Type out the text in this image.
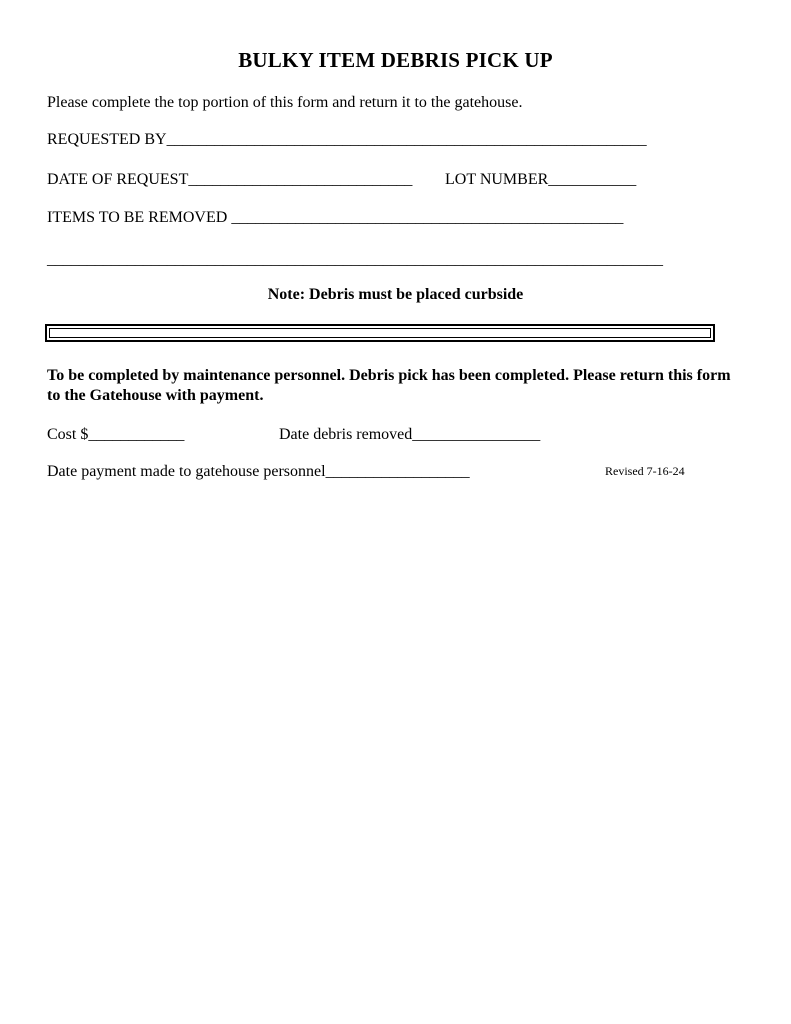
BULKY ITEM DEBRIS PICK UP
Please complete the top portion of this form and return it to the gatehouse.
REQUESTED BY____________________________________________________________
DATE OF REQUEST____________________________ LOT NUMBER___________
ITEMS TO BE REMOVED _________________________________________________
_____________________________________________________________________________
Note: Debris must be placed curbside
To be completed by maintenance personnel. Debris pick has been completed. Please return this form to the Gatehouse with payment.
Cost $____________	Date debris removed________________
Date payment made to gatehouse personnel__________________	Revised 7-16-24
